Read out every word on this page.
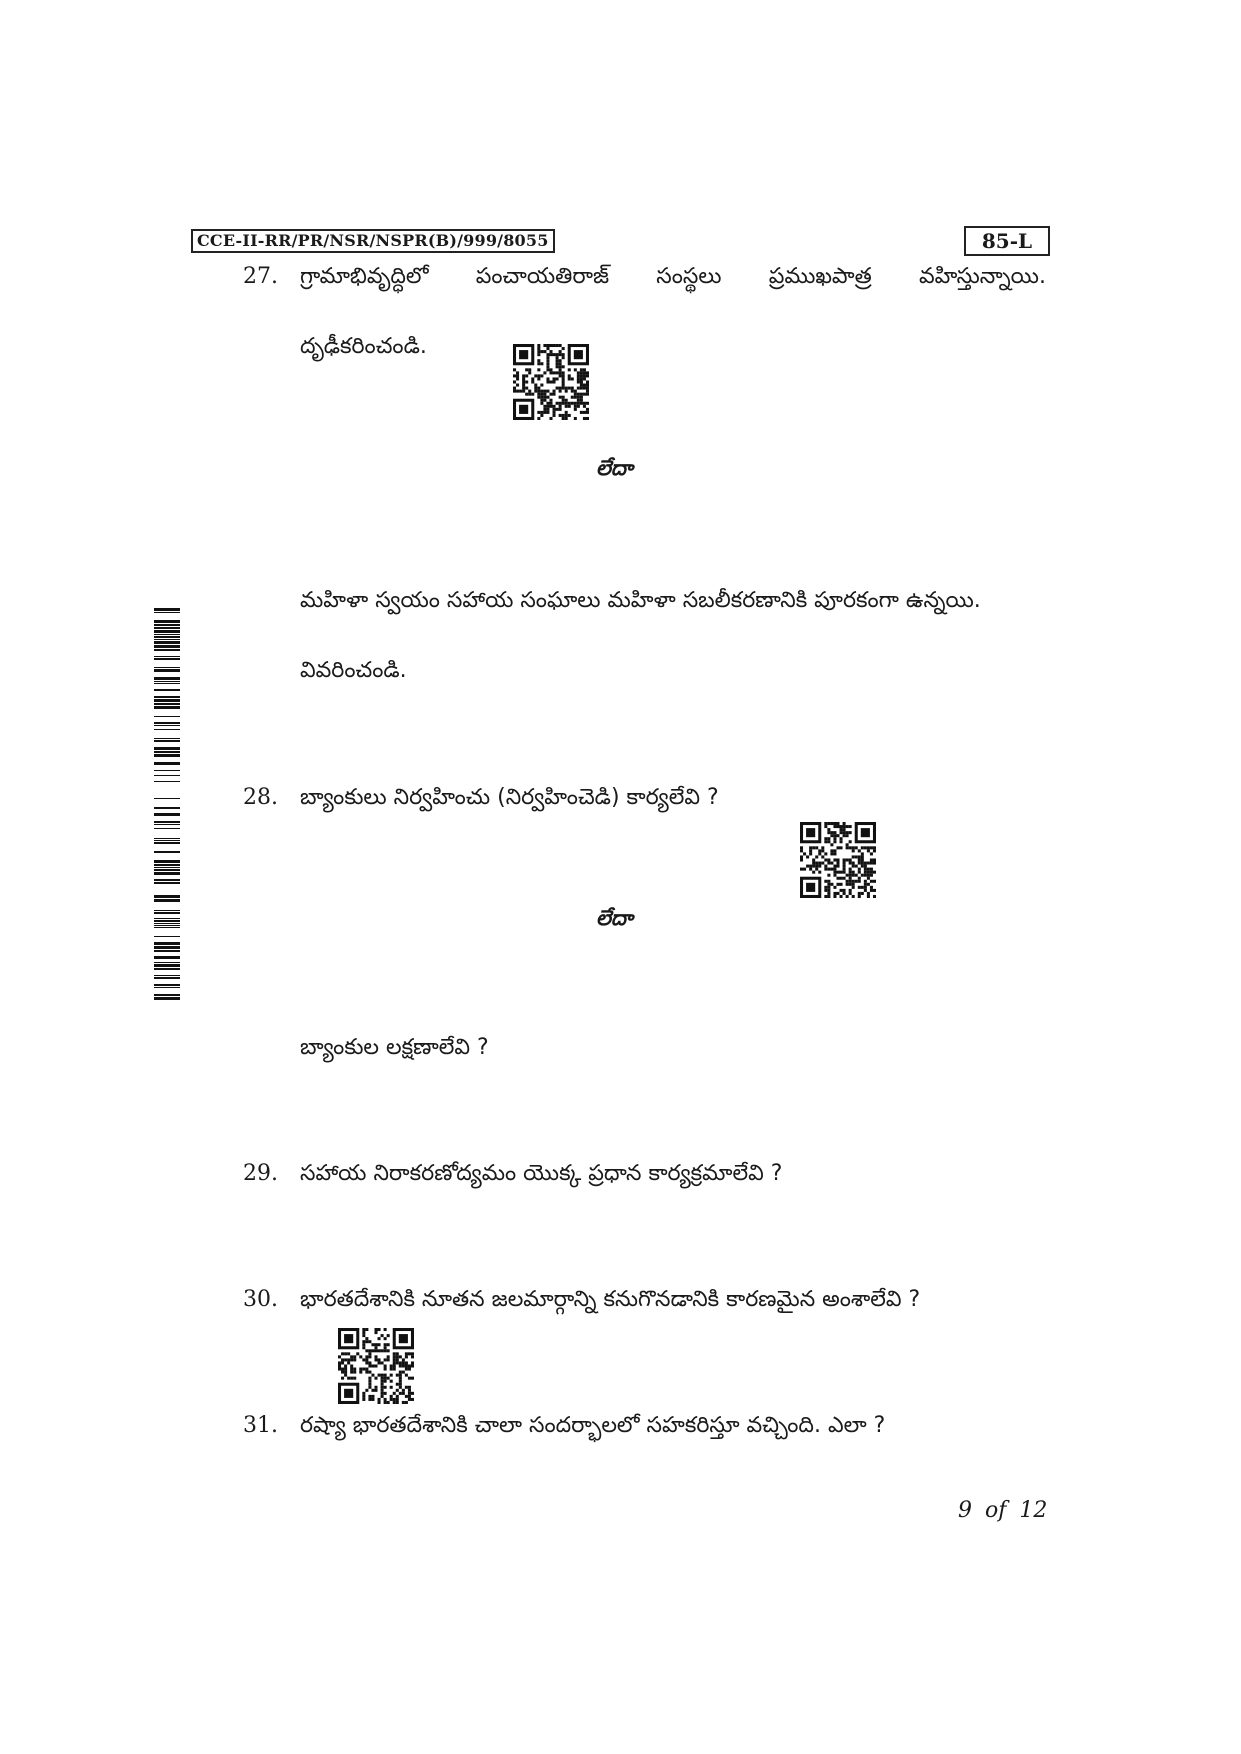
CCE-II-RR/PR/NSR/NSPR(B)/999/8055	85-L
27. గ్రామాభివృద్ధిలో పంచాయతిరాజ్ సంస్థలు ప్రముఖపాత్ర వహిస్తున్నాయి.
దృఢీకరించండి.
లేదా
మహిళా స్వయం సహాయ సంఘాలు మహిళా సబలీకరణానికి పూరకంగా ఉన్నయి.
వివరించండి.
28. బ్యాంకులు నిర్వహించు (నిర్వహించెడి) కార్యలేవి ?
లేదా
బ్యాంకుల లక్షణాలేవి ?
29. సహాయ నిరాకరణోద్యమం యొక్క ప్రధాన కార్యక్రమాలేవి ?
30. భారతదేశానికి నూతన జలమార్గాన్ని కనుగొనడానికి కారణమైన అంశాలేవి ?
31. రష్యా భారతదేశానికి చాలా సందర్భాలలో సహకరిస్తూ వచ్చింది. ఎలా ?
9 of 12
